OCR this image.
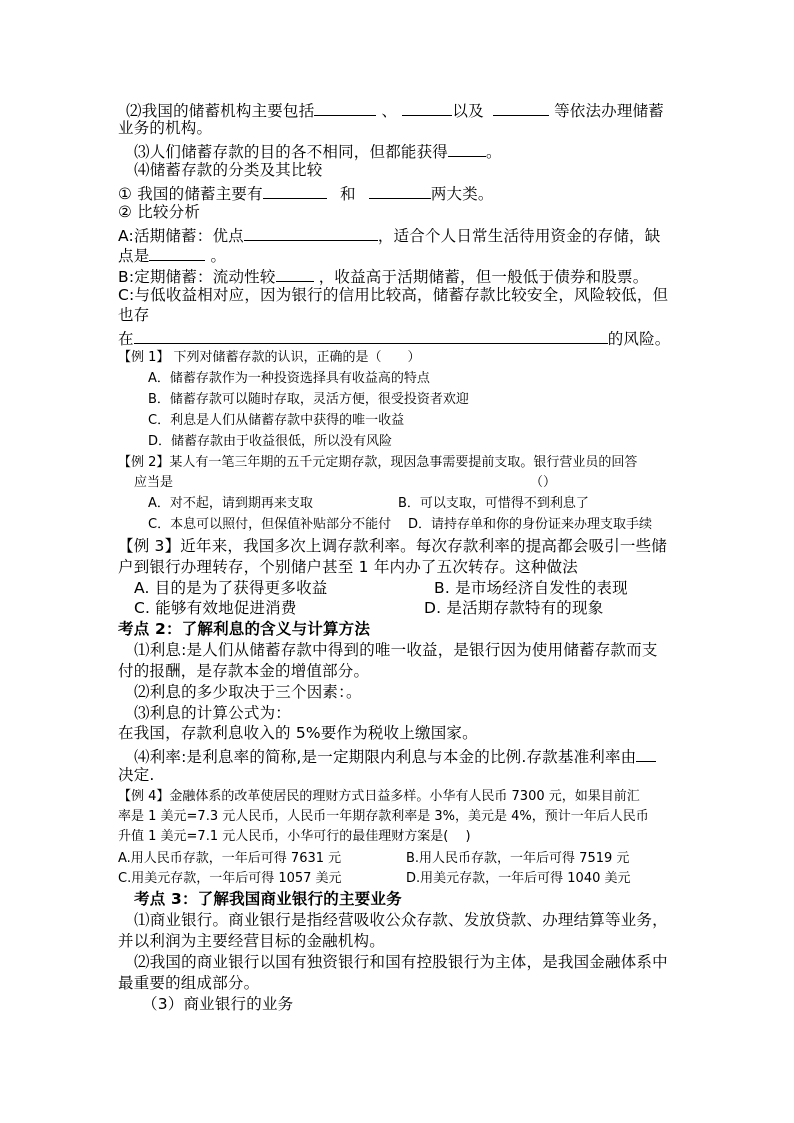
⑵我国的储蓄机构主要包括	、	以及	等依法办理储蓄
业务的机构。
⑶人们储蓄存款的目的各不相同，但都能获得 。
⑷储蓄存款的分类及其比较
① 我国的储蓄主要有	和	两大类。
② 比较分析
A:活期储蓄：优点	，适合个人日常生活待用资金的存储，缺
点是	。
B:定期储蓄：流动性较	，收益高于活期储蓄，但一般低于债券和股票。
C:与低收益相对应，因为银行的信用比较高，储蓄存款比较安全，风险较低，但
也存
在	的风险。
【例 1】 下列对储蓄存款的认识，正确的是（　　）
A．储蓄存款作为一种投资选择具有收益高的特点
B．储蓄存款可以随时存取，灵活方便，很受投资者欢迎
C．利息是人们从储蓄存款中获得的唯一收益
D．储蓄存款由于收益很低，所以没有风险
【例 2】某人有一笔三年期的五千元定期存款，现因急事需要提前支取。银行营业员的回答
应当是	（）
A．对不起，请到期再来支取	B．可以支取，可惜得不到利息了
C．本息可以照付，但保值补贴部分不能付 D．请持存单和你的身份证来办理支取手续
【例 3】近年来，我国多次上调存款利率。每次存款利率的提高都会吸引一些储
户到银行办理转存，个别储户甚至 1 年内办了五次转存。这种做法
A. 目的是为了获得更多收益	B. 是市场经济自发性的表现
C. 能够有效地促进消费	D. 是活期存款特有的现象
考点 2：了解利息的含义与计算方法
⑴利息:是人们从储蓄存款中得到的唯一收益，是银行因为使用储蓄存款而支
付的报酬，是存款本金的增值部分。
⑵利息的多少取决于三个因素：。
⑶利息的计算公式为：
在我国，存款利息收入的 5%要作为税收上缴国家。
⑷利率:是利息率的简称,是一定期限内利息与本金的比例.存款基准利率由
决定.
【例 4】金融体系的改革使居民的理财方式日益多样。小华有人民币 7300 元，如果目前汇
率是 1 美元=7.3 元人民币，人民币一年期存款利率是 3%，美元是 4%，预计一年后人民币
升值 1 美元=7.1 元人民币，小华可行的最佳理财方案是(　 )
A.用人民币存款，一年后可得 7631 元	B.用人民币存款，一年后可得 7519 元
C.用美元存款，一年后可得 1057 美元	D.用美元存款，一年后可得 1040 美元
考点 3：了解我国商业银行的主要业务
⑴商业银行。商业银行是指经营吸收公众存款、发放贷款、办理结算等业务，
并以利润为主要经营目标的金融机构。
⑵我国的商业银行以国有独资银行和国有控股银行为主体，是我国金融体系中
最重要的组成部分。
（3）商业银行的业务
